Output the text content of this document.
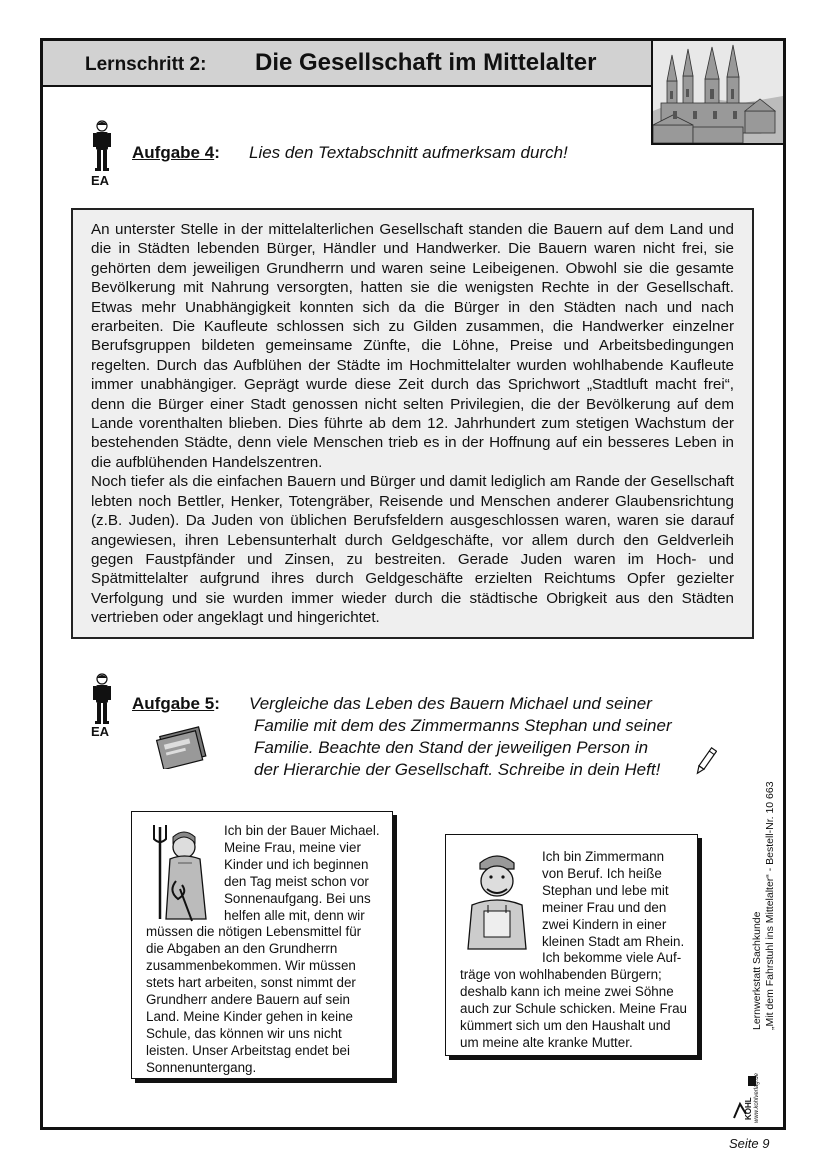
Lernschritt 2: Die Gesellschaft im Mittelalter
EA
Aufgabe 4: Lies den Textabschnitt aufmerksam durch!

An unterster Stelle in der mittelalterlichen Gesellschaft standen die Bauern auf dem Land und die in Städten lebenden Bürger, Händler und Handwerker. Die Bauern waren nicht frei, sie gehörten dem jeweiligen Grundherrn und waren seine Leibeigenen. Obwohl sie die gesamte Bevölkerung mit Nahrung versorgten, hatten sie die wenigsten Rechte in der Gesellschaft. Etwas mehr Unabhängigkeit konnten sich da die Bürger in den Städten nach und nach erarbeiten. Die Kaufleute schlossen sich zu Gilden zusammen, die Handwerker einzelner Berufsgruppen bildeten gemeinsame Zünfte, die Löhne, Preise und Arbeitsbedingungen regelten. Durch das Aufblühen der Städte im Hochmittelalter wurden wohlhabende Kaufleute immer unabhängiger. Geprägt wurde diese Zeit durch das Sprichwort „Stadtluft macht frei“, denn die Bürger einer Stadt genossen nicht selten Privilegien, die der Bevölkerung auf dem Lande vorenthalten blieben. Dies führte ab dem 12. Jahrhundert zum stetigen Wachstum der bestehenden Städte, denn viele Menschen trieb es in der Hoffnung auf ein besseres Leben in die aufblühenden Handelszentren.

Noch tiefer als die einfachen Bauern und Bürger und damit lediglich am Rande der Gesellschaft lebten noch Bettler, Henker, Totengräber, Reisende und Menschen anderer Glaubensrichtung (z.B. Juden). Da Juden von üblichen Berufsfeldern ausgeschlossen waren, waren sie darauf angewiesen, ihren Lebensunterhalt durch Geldgeschäfte, vor allem durch den Geldverleih gegen Faustpfänder und Zinsen, zu bestreiten. Gerade Juden waren im Hoch- und Spätmittelalter aufgrund ihres durch Geldgeschäfte erzielten Reichtums Opfer gezielter Verfolgung und sie wurden immer wieder durch die städtische Obrigkeit aus den Städten vertrieben oder angeklagt und hingerichtet.

EA
Aufgabe 5: Vergleiche das Leben des Bauern Michael und seiner
Familie mit dem des Zimmermanns Stephan und seiner
Familie. Beachte den Stand der jeweiligen Person in
der Hierarchie der Gesellschaft. Schreibe in dein Heft!

Ich bin der Bauer Michael. Meine Frau, meine vier Kinder und ich beginnen den Tag meist schon vor Sonnenaufgang. Bei uns helfen alle mit, denn wir müssen die nötigen Lebensmittel für die Abgaben an den Grundherrn zusammenbekommen. Wir müssen stets hart arbeiten, sonst nimmt der Grundherr andere Bauern auf sein Land. Meine Kinder gehen in keine Schule, das können wir uns nicht leisten. Unser Arbeitstag endet bei Sonnenuntergang.

Ich bin Zimmermann von Beruf. Ich heiße Stephan und lebe mit meiner Frau und den zwei Kindern in einer kleinen Stadt am Rhein. Ich bekomme viele Aufträge von wohlhabenden Bürgern; deshalb kann ich meine zwei Söhne auch zur Schule schicken. Meine Frau kümmert sich um den Haushalt und um meine alte kranke Mutter.

Lernwerkstatt Sachkunde „Mit dem Fahrstuhl ins Mittelalter“ - Bestell-Nr. 10 663
KOHL www.kohlverlag.de
Seite 9
